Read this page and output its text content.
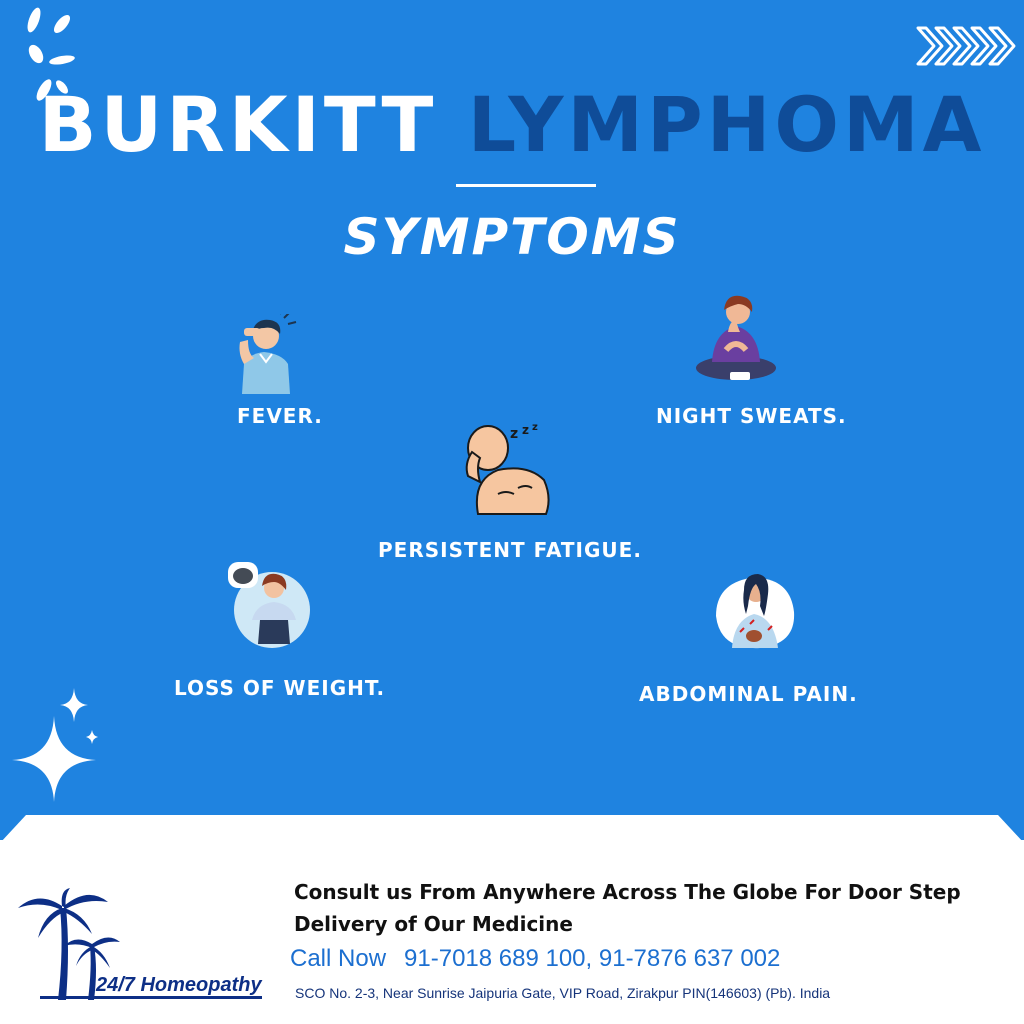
BURKITT LYMPHOMA
SYMPTOMS
FEVER.	NIGHT SWEATS.
z z z
PERSISTENT FATIGUE.
LOSS OF WEIGHT.	ABDOMINAL PAIN.
Consult us From Anywhere Across The Globe For Door Step
Delivery of Our Medicine
Call Now 91-7018 689 100, 91-7876 637 002
SCO No. 2-3, Near Sunrise Jaipuria Gate, VIP Road, Zirakpur PIN(146603) (Pb). India
24/7 Homeopathy
